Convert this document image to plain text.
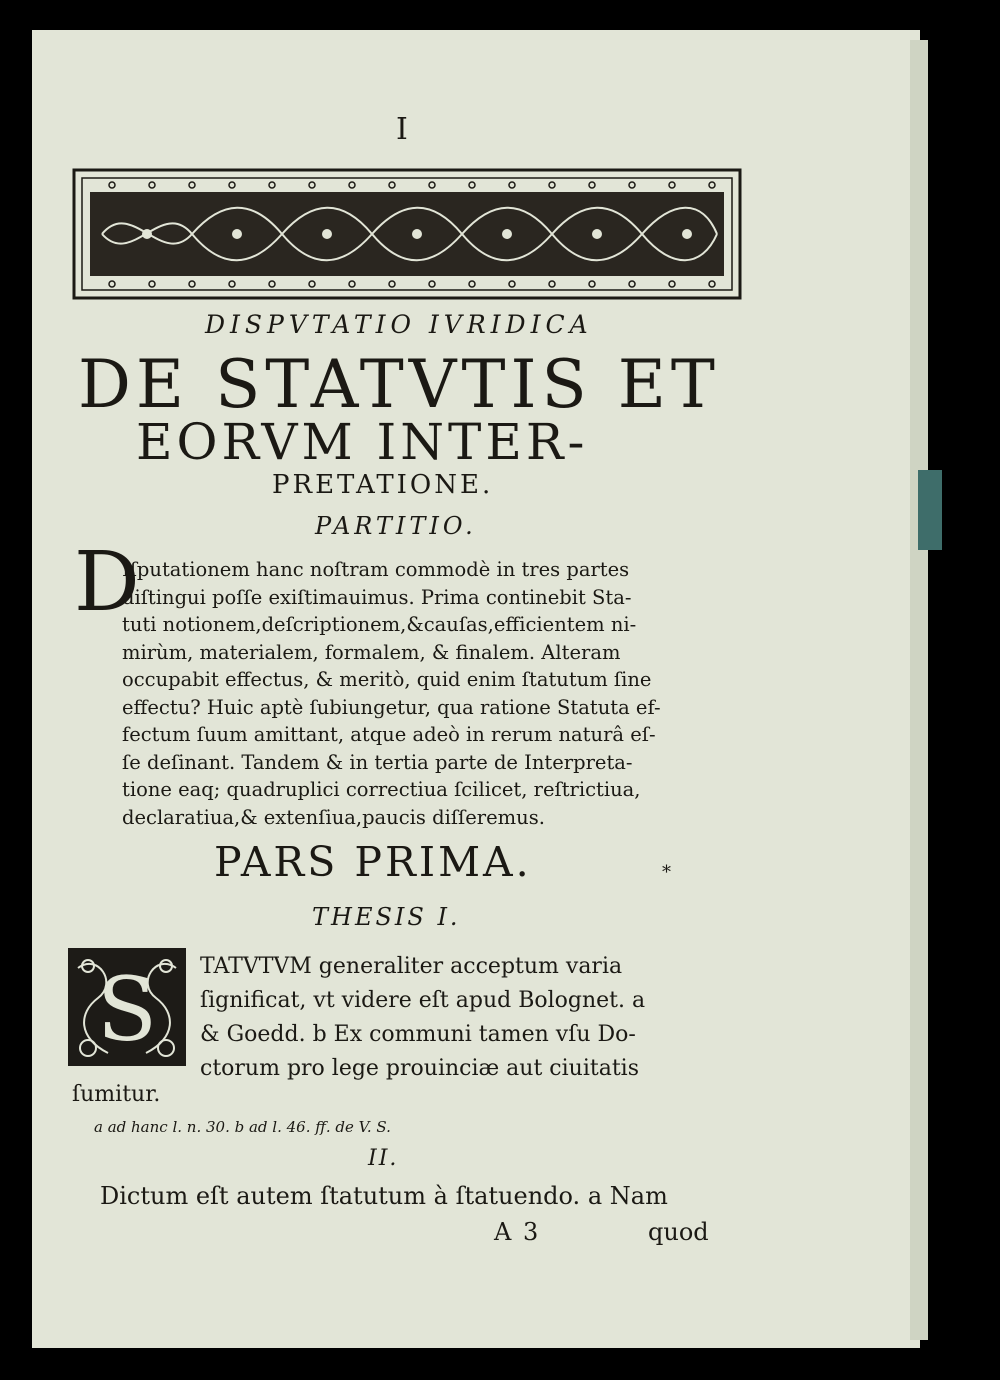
I
DISPVTATIO IVRIDICA
DE STATVTIS ET
EORVM INTER-
PRETATIONE.
PARTITIO.
D
Iſputationem hanc noſtram commodè in tres partes
diſtingui poſſe exiſtimauimus. Prima continebit Sta-
tuti notionem,deſcriptionem,&cauſas,efficientem ni-
mirùm, materialem, formalem, & finalem. Alteram
occupabit effectus, & meritò, quid enim ſtatutum ſine
effectu? Huic aptè ſubiungetur, qua ratione Statuta ef-
fectum ſuum amittant, atque adeò in rerum naturâ eſ-
ſe deſinant. Tandem & in tertia parte de Interpreta-
tione eaq; quadruplici correctiua ſcilicet, reſtrictiua,
declaratiua,& extenſiua,paucis diſſeremus.
PARS PRIMA.	*
THESIS I.
S TATVTVM generaliter acceptum varia
ſignificat, vt videre eſt apud Bolognet. a
& Goedd. b Ex communi tamen vſu Do-
ctorum pro lege prouinciæ aut ciuitatis
ſumitur.
a ad hanc l. n. 30. b ad l. 46. ff. de V. S.
II.
Dictum eſt autem ſtatutum à ſtatuendo. a Nam
A 3	quod
